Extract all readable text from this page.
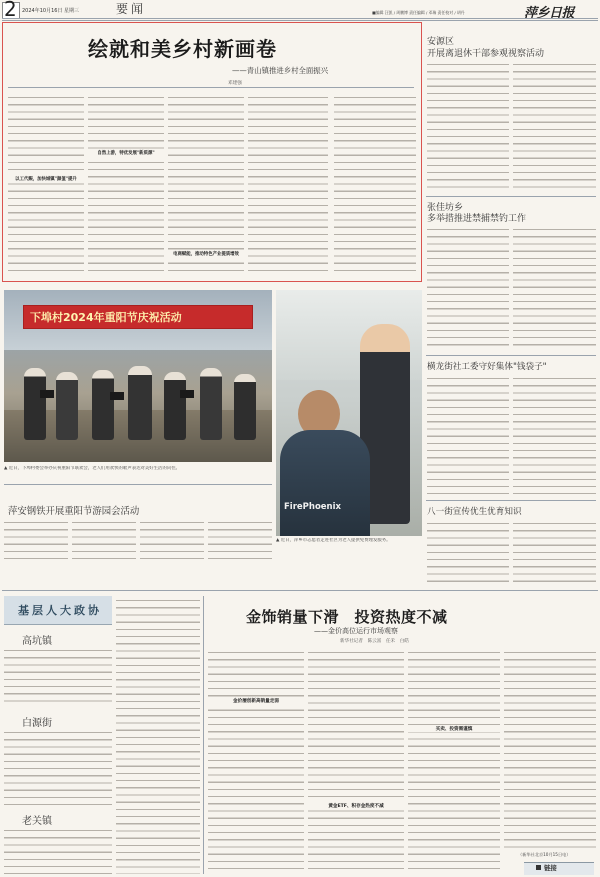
2 2024年10月16日 星期三	要闻	■编辑 汪凯 / 周鹏博 责任编辑 / 邓瑞 责任校对 / 胡丹	萍乡日报
绘就和美乡村新画卷
——青山镇推进乡村全面振兴
邓建强
以工代赈，加快城镇"颜值"提升
自然上游，特优发展"新质源"
电商赋能，推动特色产业提质增效
安源区
开展离退休干部参观视察活动
张佳坊乡
多举措推进禁捕禁钓工作
横龙街社工委守好集体"钱袋子"
八一街宣传优生优育知识
下埠村2024年重阳节庆祝活动
▲ 近日，下埠村委会举办庆祝重阳节联欢会，老人们用欢快的歌声表达对美好生活的向往。
FirePhoenix
▲ 近日，萍乡市志愿者走进社区为老人提供免费理发服务。
萍安钢铁开展重阳节游园会活动
基层人大政协
高坑镇
白源街
老关镇
金饰销量下滑　投资热度不减
——金价高位运行市场观察
新华社记者　陈云富　任禾　白皓
金价屡创新高销量走弱
黄金ETF、积存金热度不减
买卖、投资需谨慎
（新华社北京10月15日电）
链接
